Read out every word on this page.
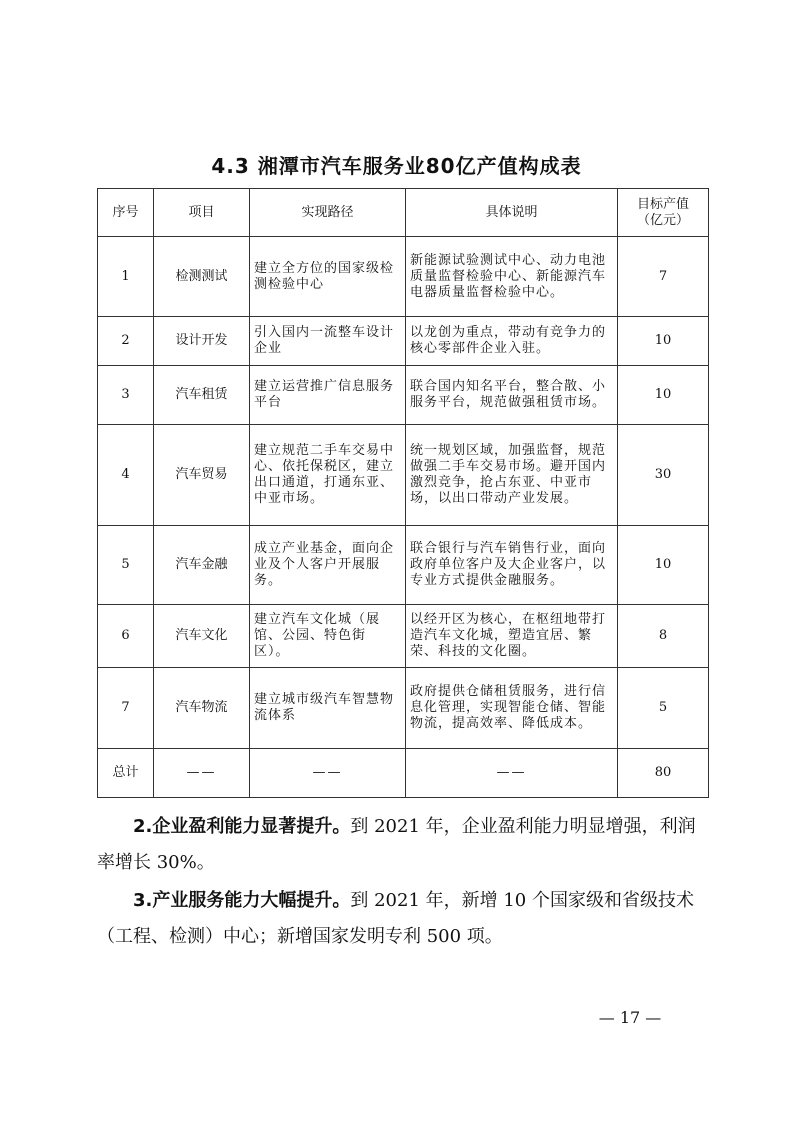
4.3 湘潭市汽车服务业80亿产值构成表
序号	项目	实现路径	具体说明	目标产值（亿元）
1	检测测试	建立全方位的国家级检测检验中心	新能源试验测试中心、动力电池质量监督检验中心、新能源汽车电器质量监督检验中心。	7
2	设计开发	引入国内一流整车设计企业	以龙创为重点，带动有竞争力的核心零部件企业入驻。	10
3	汽车租赁	建立运营推广信息服务平台	联合国内知名平台，整合散、小服务平台，规范做强租赁市场。	10
4	汽车贸易	建立规范二手车交易中心、依托保税区，建立出口通道，打通东亚、中亚市场。	统一规划区域，加强监督，规范做强二手车交易市场。避开国内激烈竞争，抢占东亚、中亚市场，以出口带动产业发展。	30
5	汽车金融	成立产业基金，面向企业及个人客户开展服务。	联合银行与汽车销售行业，面向政府单位客户及大企业客户，以专业方式提供金融服务。	10
6	汽车文化	建立汽车文化城（展馆、公园、特色街区）。	以经开区为核心，在枢纽地带打造汽车文化城，塑造宜居、繁荣、科技的文化圈。	8
7	汽车物流	建立城市级汽车智慧物流体系	政府提供仓储租赁服务，进行信息化管理，实现智能仓储、智能物流，提高效率、降低成本。	5
总计	——	——	——	80
2.企业盈利能力显著提升。到 2021 年，企业盈利能力明显增强，利润率增长 30%。
3.产业服务能力大幅提升。到 2021 年，新增 10 个国家级和省级技术（工程、检测）中心；新增国家发明专利 500 项。
— 17 —
